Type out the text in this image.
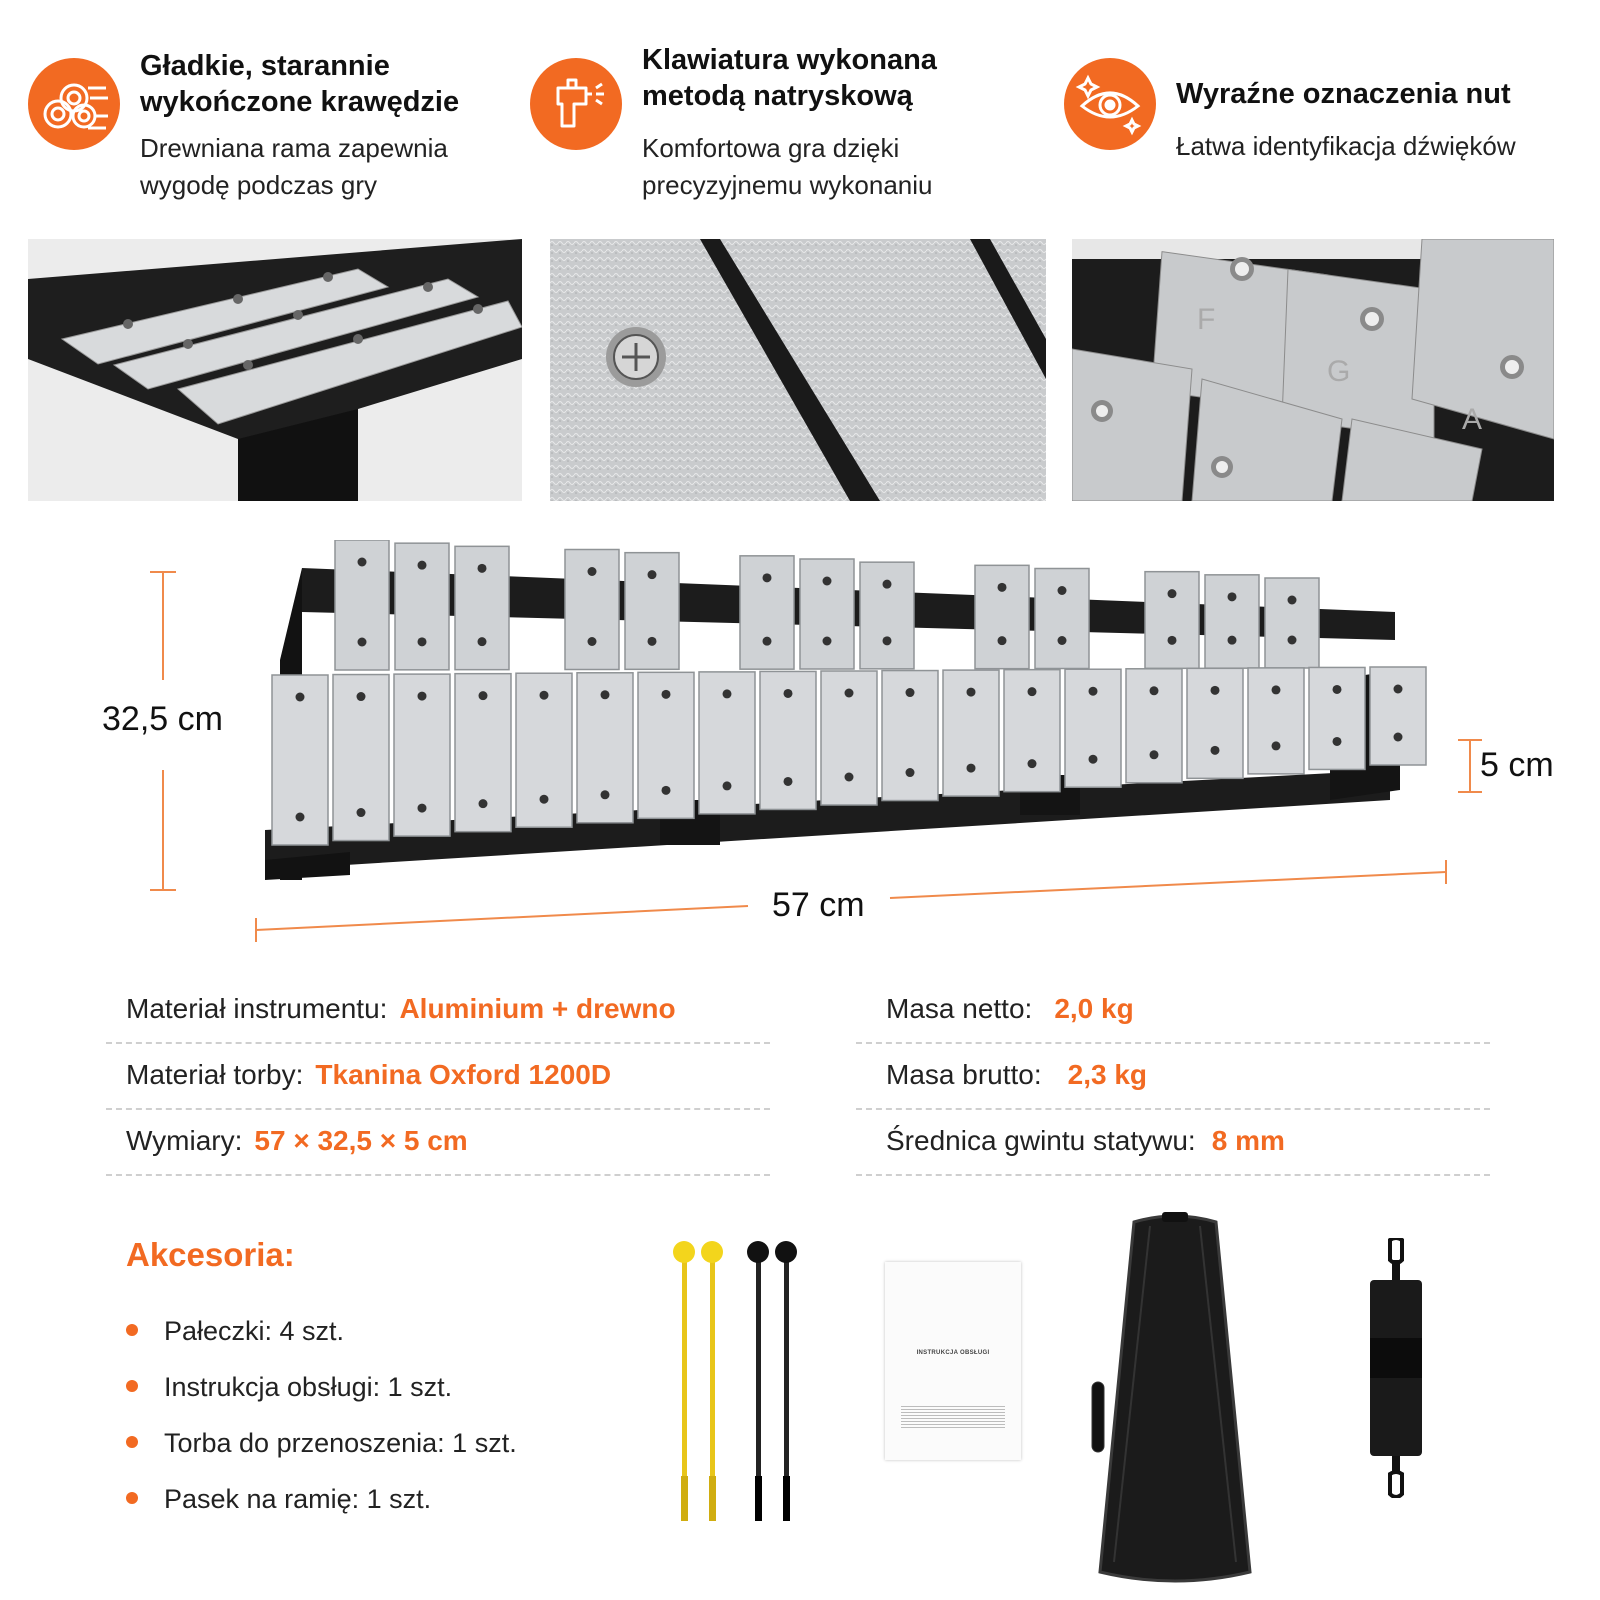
Gładkie, starannie
wykończone krawędzie
Drewniana rama zapewnia
wygodę podczas gry
Klawiatura wykonana
metodą natryskową
Komfortowa gra dzięki
precyzyjnemu wykonaniu
Wyraźne oznaczenia nut
Łatwa identyfikacja dźwięków
F
G
A
32,5 cm
5 cm
57 cm
Materiał instrumentu: Aluminium + drewno
Materiał torby: Tkanina Oxford 1200D
Wymiary: 57 × 32,5 × 5 cm
Masa netto: 2,0 kg
Masa brutto: 2,3 kg
Średnica gwintu statywu: 8 mm
Akcesoria:
Pałeczki: 4 szt.
Instrukcja obsługi: 1 szt.
Torba do przenoszenia: 1 szt.
Pasek na ramię: 1 szt.
INSTRUKCJA OBSŁUGI
